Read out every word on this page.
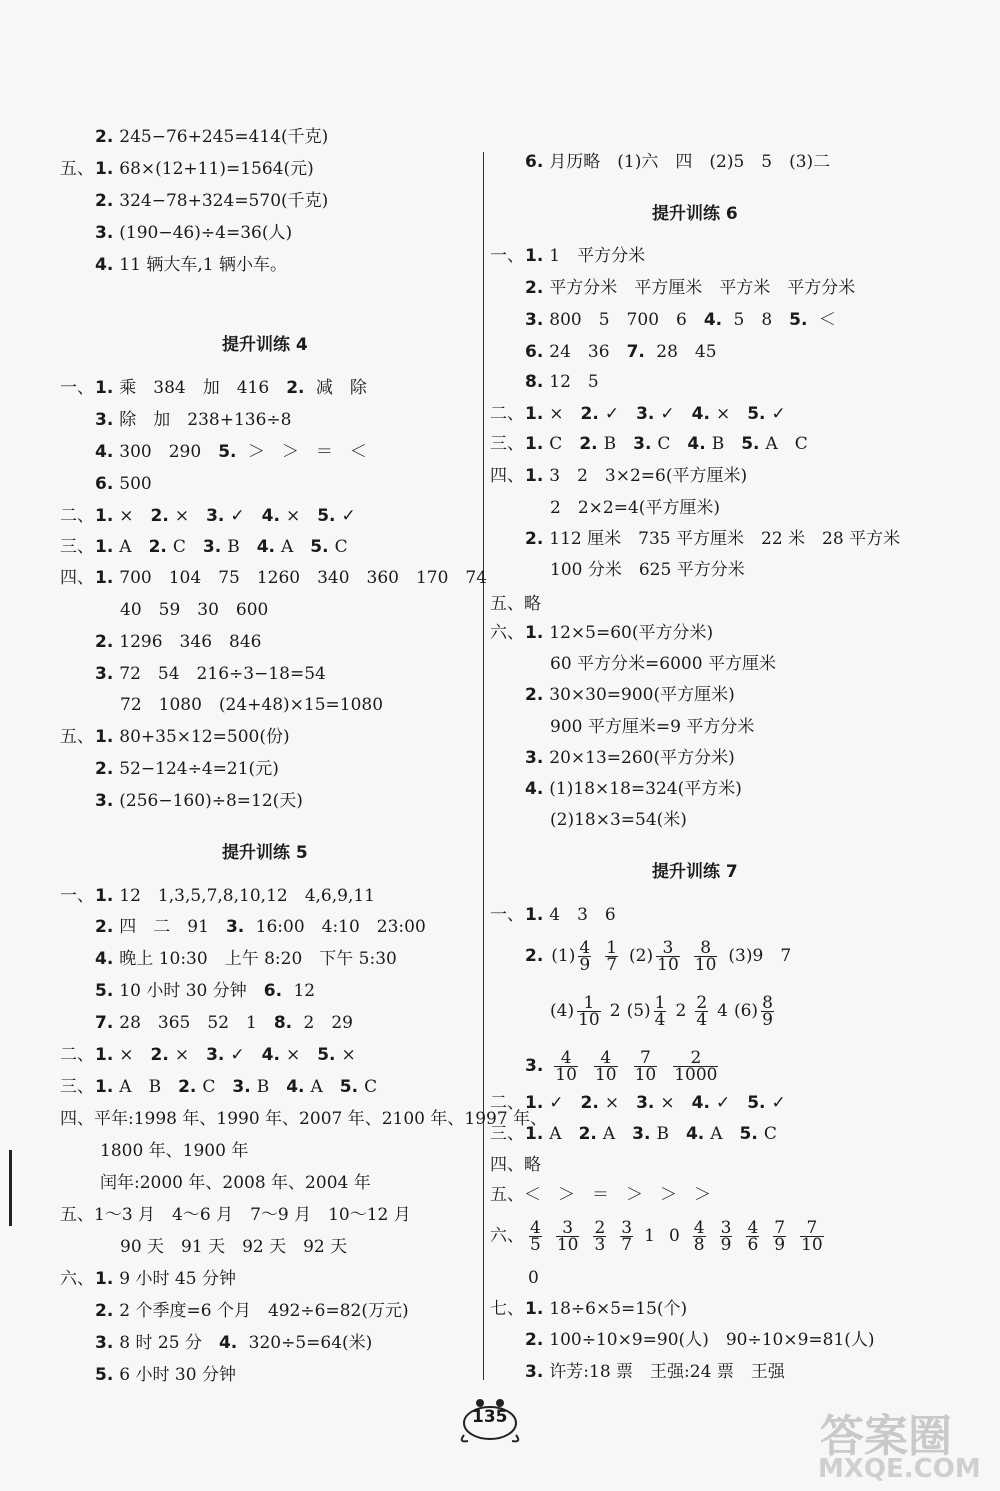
2. 245−76+245=414(千克)
五、1. 68×(12+11)=1564(元)
2. 324−78+324=570(千克)
3. (190−46)÷4=36(人)
4. 11 辆大车,1 辆小车。
提升训练 4
一、1. 乘　384　加　416　2. 减　除
3. 除　加　238+136÷8
4. 300　290　5. ＞　＞　＝　＜
6. 500
二、1. ×　2. ×　3. ✓　4. ×　5. ✓
三、1. A　2. C　3. B　4. A　5. C
四、1. 700　104　75　1260　340　360　170　74
40　59　30　600
2. 1296　346　846
3. 72　54　216÷3−18=54
72　1080　(24+48)×15=1080
五、1. 80+35×12=500(份)
2. 52−124÷4=21(元)
3. (256−160)÷8=12(天)
提升训练 5
一、1. 12　1,3,5,7,8,10,12　4,6,9,11
2. 四　二　91　3. 16:00　4:10　23:00
4. 晚上 10:30　上午 8:20　下午 5:30
5. 10 小时 30 分钟　6. 12
7. 28　365　52　1　8. 2　29
二、1. ×　2. ×　3. ✓　4. ×　5. ×
三、1. A　B　2. C　3. B　4. A　5. C
四、平年:1998 年、1990 年、2007 年、2100 年、1997 年、
1800 年、1900 年
闰年:2000 年、2008 年、2004 年
五、1～3 月　4～6 月　7～9 月　10～12 月
90 天　91 天　92 天　92 天
六、1. 9 小时 45 分钟
2. 2 个季度=6 个月　492÷6=82(万元)
3. 8 时 25 分　4. 320÷5=64(米)
5. 6 小时 30 分钟
6. 月历略　(1)六　四　(2)5　5　(3)二
提升训练 6
一、1. 1　平方分米
2. 平方分米　平方厘米　平方米　平方分米
3. 800　5　700　6　4. 5　8　5. ＜
6. 24　36　7. 28　45
8. 12　5
二、1. ×　2. ✓　3. ✓　4. ×　5. ✓
三、1. C　2. B　3. C　4. B　5. A　C
四、1. 3　2　3×2=6(平方厘米)
2　2×2=4(平方厘米)
2. 112 厘米　735 平方厘米　22 米　28 平方米
100 分米　625 平方分米
五、略
六、1. 12×5=60(平方分米)
60 平方分米=6000 平方厘米
2. 30×30=900(平方厘米)
900 平方厘米=9 平方分米
3. 20×13=260(平方分米)
4. (1)18×18=324(平方米)
(2)18×3=54(米)
提升训练 7
一、1. 4　3　6
2. $(1) \frac{4}{9} \frac{1}{7} (2) \frac{3}{10} \frac{8}{10} (3)9$　7
$(4) \frac{1}{10} 2$ $(5) \frac{1}{4} 2 \frac{2}{4} 4$ $(6) \frac{8}{9}$
3. $\frac{4}{10} \frac{4}{10} \frac{7}{10} \frac{2}{1000}$
二、1. ✓　2. ×　3. ×　4. ✓　5. ✓
三、1. A　2. A　3. B　4. A　5. C
四、略
五、＜　＞　＝　＞　＞　＞
六、 $\frac{4}{5} \frac{3}{10} \frac{2}{3} \frac{3}{7} 1$ $0 \frac{4}{8} \frac{3}{9} \frac{4}{6} \frac{7}{9} \frac{7}{10}$
0
七、1. 18÷6×5=15(个)
2. 100÷10×9=90(人)　90÷10×9=81(人)
3. 许芳:18 票　王强:24 票　王强
135	答案圈
MXQE.COM
